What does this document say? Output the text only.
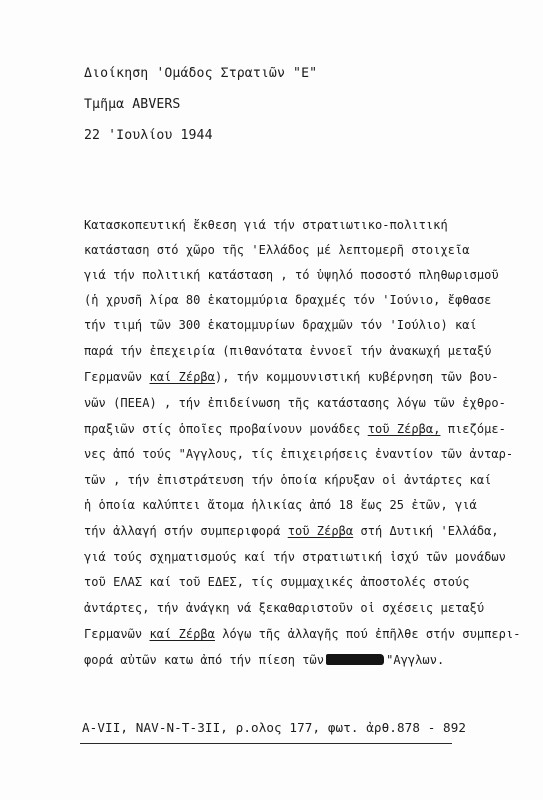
Διοίκηση 'Ομάδος Στρατιῶν "Ε"
Τμῆμα ABVERS
22 'Ιουλίου 1944
Κατασκοπευτική ἔκθεση γιά τήν στρατιωτικο-πολιτική
κατάσταση στό χῶρο τῆς 'Ελλάδος μέ λεπτομερῆ στοιχεῖα
γιά τήν πολιτική κατάσταση , τό ὑψηλό ποσοστό πληθωρισμοῦ
(ἡ χρυσῆ λίρα 80 ἑκατομμύρια δραχμές τόν 'Ιούνιο, ἔφθασε
τήν τιμή τῶν 300 ἑκατομμυρίων δραχμῶν τόν 'Ιούλιο) καί
παρά τήν ἐπεχειρία (πιθανότατα ἐννοεῖ τήν ἀνακωχή μεταξύ
Γερμανῶν καί Ζέρβα), τήν κομμουνιστική κυβέρνηση τῶν βου-
νῶν (ΠΕΕΑ) , τήν ἐπιδείνωση τῆς κατάστασης λόγω τῶν ἐχθρο-
πραξιῶν στίς ὁποῖες προβαίνουν μονάδες τοῦ Ζέρβα, πιεζόμε-
νες ἀπό τούς "Αγγλους, τίς ἐπιχειρήσεις ἐναντίον τῶν ἀνταρ-
τῶν , τήν ἐπιστράτευση τήν ὁποία κήρυξαν οἱ ἀντάρτες καί
ἡ ὁποία καλύπτει ἄτομα ἡλικίας ἀπό 18 ἕως 25 ἐτῶν, γιά
τήν ἀλλαγή στήν συμπεριφορά τοῦ Ζέρβα στή Δυτική 'Ελλάδα,
γιά τούς σχηματισμούς καί τήν στρατιωτική ἰσχύ τῶν μονάδων
τοῦ ΕΛΑΣ καί τοῦ ΕΔΕΣ, τίς συμμαχικές ἀποστολές στούς
ἀντάρτες, τήν ἀνάγκη νά ξεκαθαριστοῦν οἱ σχέσεις μεταξύ
Γερμανῶν καί Ζέρβα λόγω τῆς ἀλλαγῆς πού ἐπῆλθε στήν συμπερι-
φορά αὐτῶν κατω ἀπό τήν πίεση τῶν	"Αγγλων.
A-VII, NAV-N-T-3II, ρ.ολος 177, φωτ. ἀρθ.878 - 892
